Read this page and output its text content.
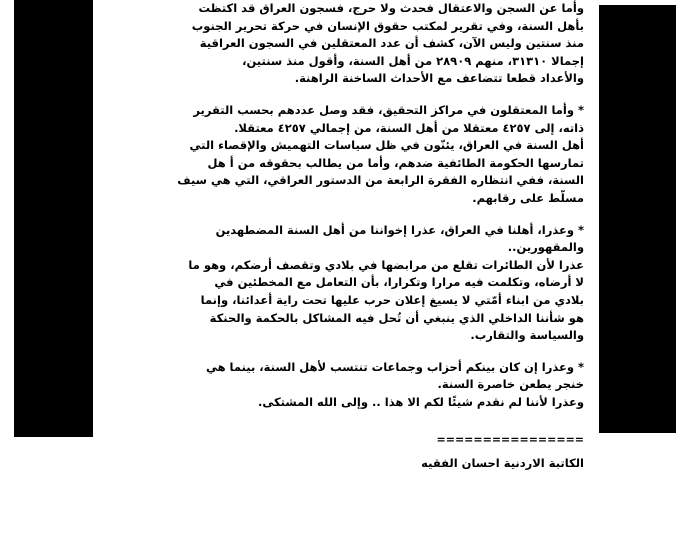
وأما عن السجن والاعتقال فحدث ولا حرج، فسجون العراق قد اكتظت
بأهل السنة، وفي تقرير لمكتب حقوق الإنسان في حركة تحرير الجنوب
منذ سنتين وليس الآن، كشف أن عدد المعتقلين في السجون العراقية
إجمالا ٣١٣١٠، منهم ٢٨٩٠٩ من أهل السنة، وأقول منذ سنتين،
والأعداد قطعا تتضاعف مع الأحداث الساخنة الراهنة.
* وأما المعتقلون في مراكز التحقيق، فقد وصل عددهم بحسب التقرير
ذاته، إلى ٤٢٥٧ معتقلا من أهل السنة، من إجمالي ٤٢٥٧ معتقلا.
أهل السنة في العراق، يئنّون في ظل سياسات التهميش والإقصاء التي
تمارسها الحكومة الطائفية ضدهم، وأما من يطالب بحقوقه من أ هل
السنة، ففي انتظاره الفقرة الرابعة من الدستور العراقي، التي هي سيف
مسلّط على رقابهم.
* وعذرا، أهلنا في العراق، عذرا إخواننا من أهل السنة المضطهدين
والمقهورين..
عذرا لأن الطائرات تقلع من مرابضها في بلادي وتقصف أرضكم، وهو ما
لا أرضاه، وتكلمت فيه مرارا وتكرارا، بأن التعامل مع المخطئين في
بلادي من ابناء أمّتي لا يسيغ إعلان حرب عليها تحت راية أعدائنا، وإنما
هو شأننا الداخلي الذي ينبغي أن تُحل فيه المشاكل بالحكمة والحنكة
والسياسة والتقارب.
* وعذرا إن كان بينكم أحزاب وجماعات تنتسب لأهل السنة، بينما هي
خنجر يطعن خاصرة السنة.
وعذرا لأننا لم نقدم شيئًا لكم الا هذا .. وإلى الله المشتكى.
================
الكاتبة الاردنية احسان الفقيه
